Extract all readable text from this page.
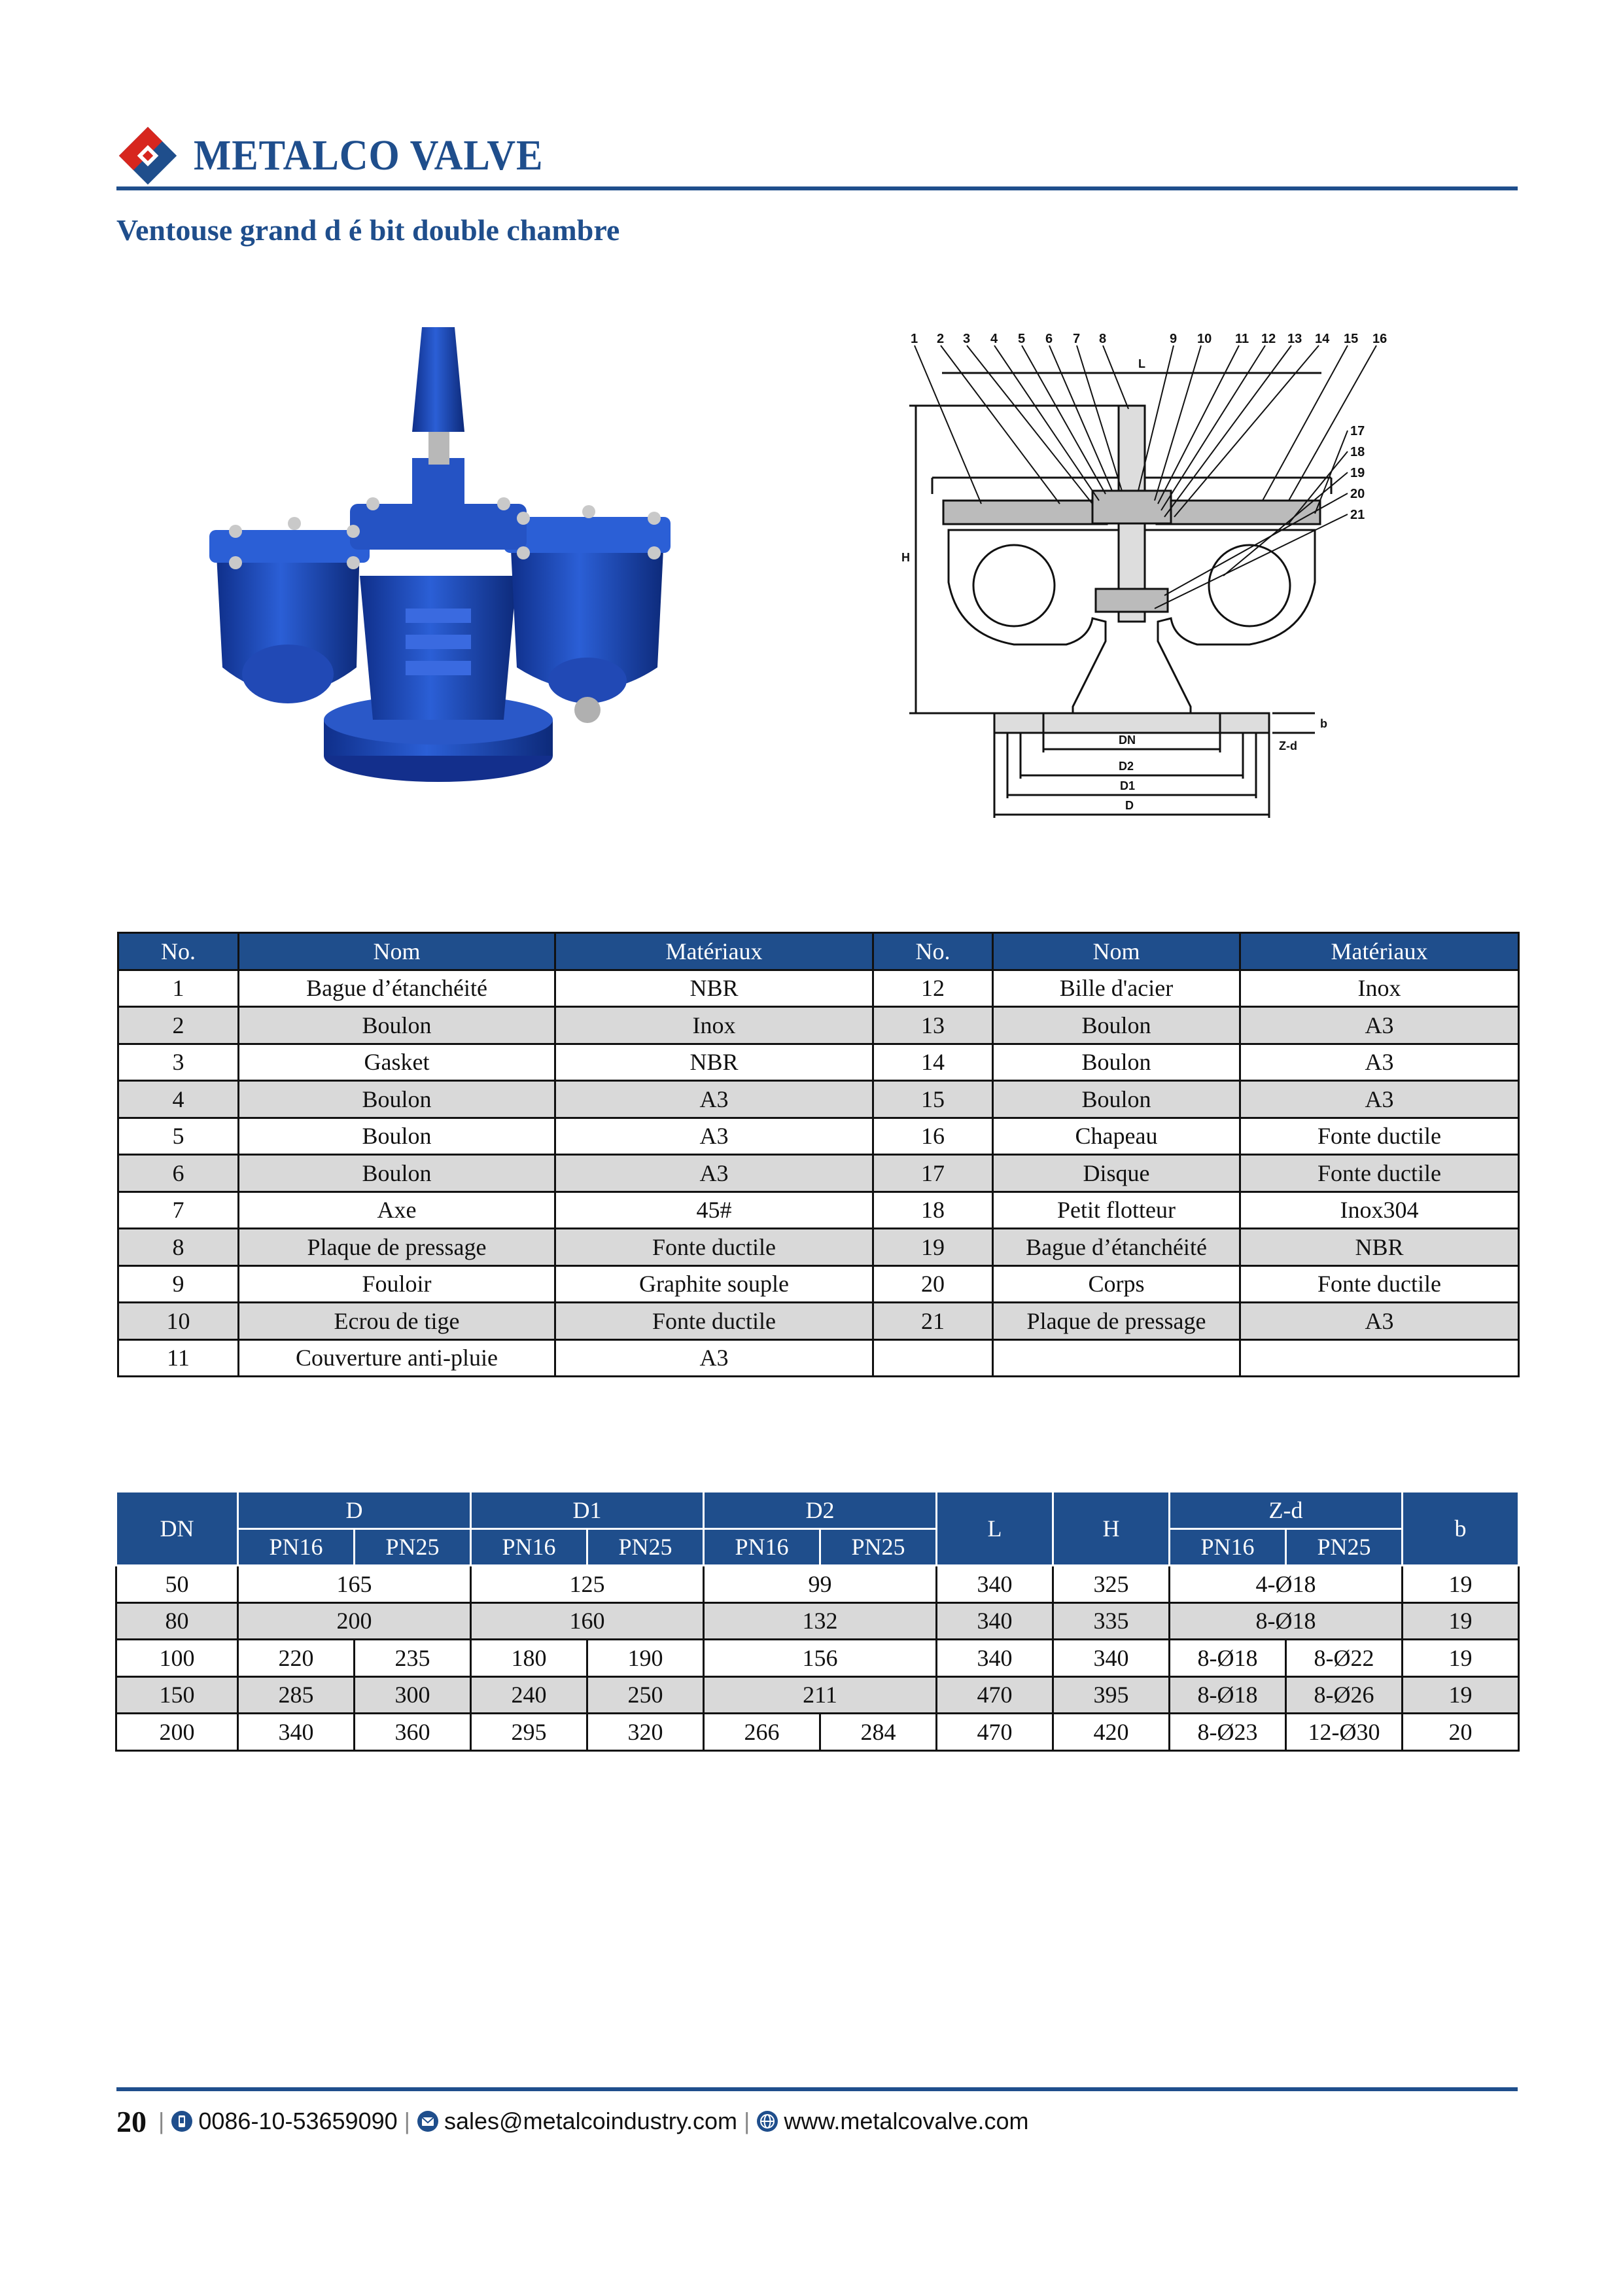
METALCO VALVE
Ventouse grand d é bit double chambre
1 2 3 4 5 6 7 8	9 10 11 12 13 14 15 16
17
18
19
20
21
L
H
DN
D2
D1
D
b
Z-d
No.	Nom	Matériaux	No.	Nom	Matériaux
1	Bague d’étanchéité	NBR	12	Bille d'acier	Inox
2	Boulon	Inox	13	Boulon	A3
3	Gasket	NBR	14	Boulon	A3
4	Boulon	A3	15	Boulon	A3
5	Boulon	A3	16	Chapeau	Fonte ductile
6	Boulon	A3	17	Disque	Fonte ductile
7	Axe	45#	18	Petit flotteur	Inox304
8	Plaque de pressage	Fonte ductile	19	Bague d’étanchéité	NBR
9	Fouloir	Graphite souple	20	Corps	Fonte ductile
10	Ecrou de tige	Fonte ductile	21	Plaque de pressage	A3
11	Couverture anti-pluie	A3			
DN	D		D1		D2		L	H	Z-d		b
	PN16	PN25	PN16	PN25	PN16	PN25			PN16	PN25	
50	165		125		99		340	325	4-Ø18		19
80	200		160		132		340	335	8-Ø18		19
100	220	235	180	190	156		340	340	8-Ø18	8-Ø22	19
150	285	300	240	250	211		470	395	8-Ø18	8-Ø26	19
200	340	360	295	320	266	284	470	420	8-Ø23	12-Ø30	20
20 | 0086-10-53659090 | sales@metalcoindustry.com | www.metalcovalve.com
